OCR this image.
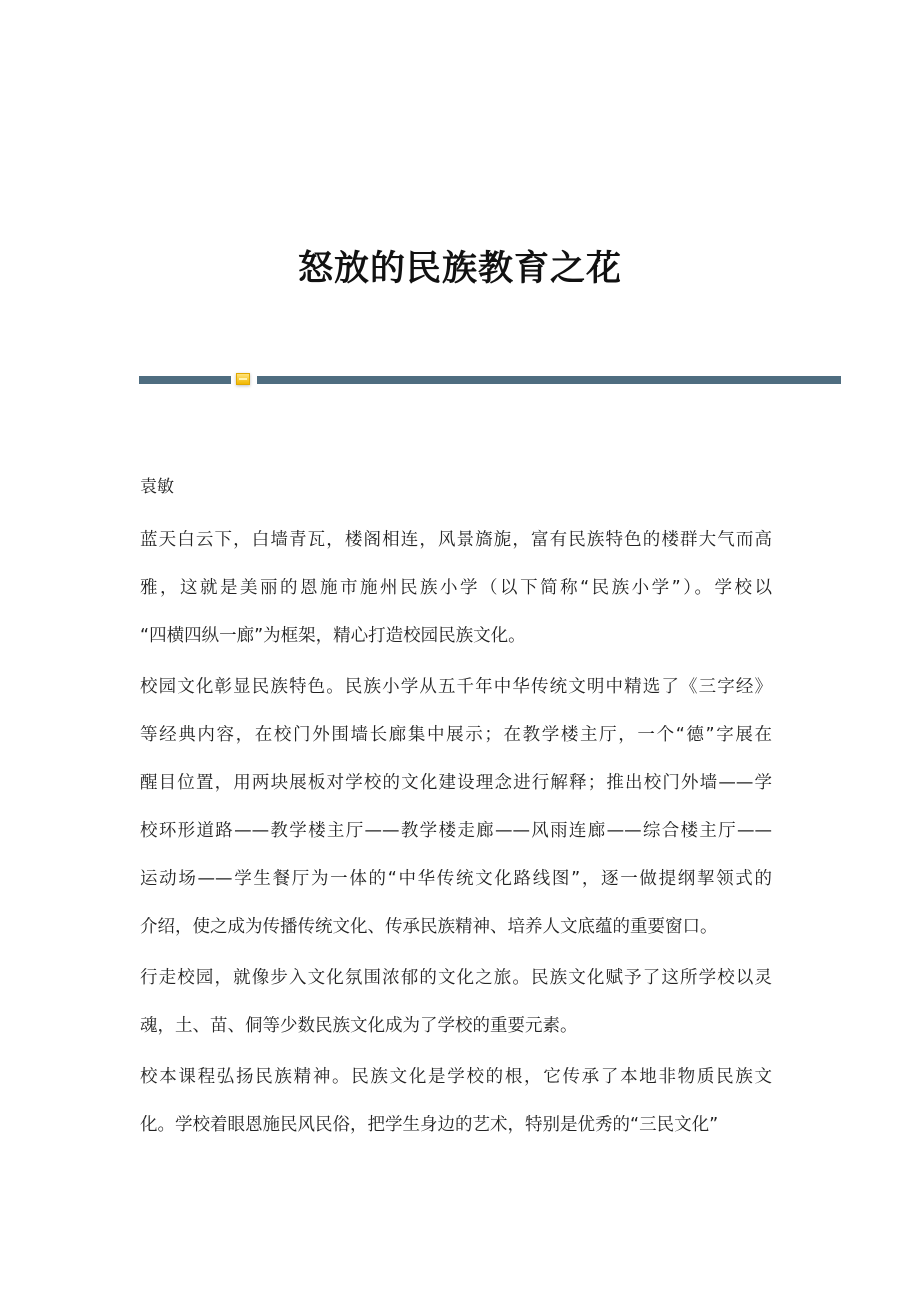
怒放的民族教育之花
袁敏
蓝天白云下，白墙青瓦，楼阁相连，风景旖旎，富有民族特色的楼群大气而高
雅，这就是美丽的恩施市施州民族小学（以下简称“民族小学”）。学校以
“四横四纵一廊”为框架，精心打造校园民族文化。
校园文化彰显民族特色。民族小学从五千年中华传统文明中精选了《三字经》
等经典内容，在校门外围墙长廊集中展示；在教学楼主厅，一个“德”字展在
醒目位置，用两块展板对学校的文化建设理念进行解释；推出校门外墙——学
校环形道路——教学楼主厅——教学楼走廊——风雨连廊——综合楼主厅——
运动场——学生餐厅为一体的“中华传统文化路线图”，逐一做提纲挈领式的
介绍，使之成为传播传统文化、传承民族精神、培养人文底蕴的重要窗口。
行走校园，就像步入文化氛围浓郁的文化之旅。民族文化赋予了这所学校以灵
魂，土、苗、侗等少数民族文化成为了学校的重要元素。
校本课程弘扬民族精神。民族文化是学校的根，它传承了本地非物质民族文
化。学校着眼恩施民风民俗，把学生身边的艺术，特别是优秀的“三民文化”
